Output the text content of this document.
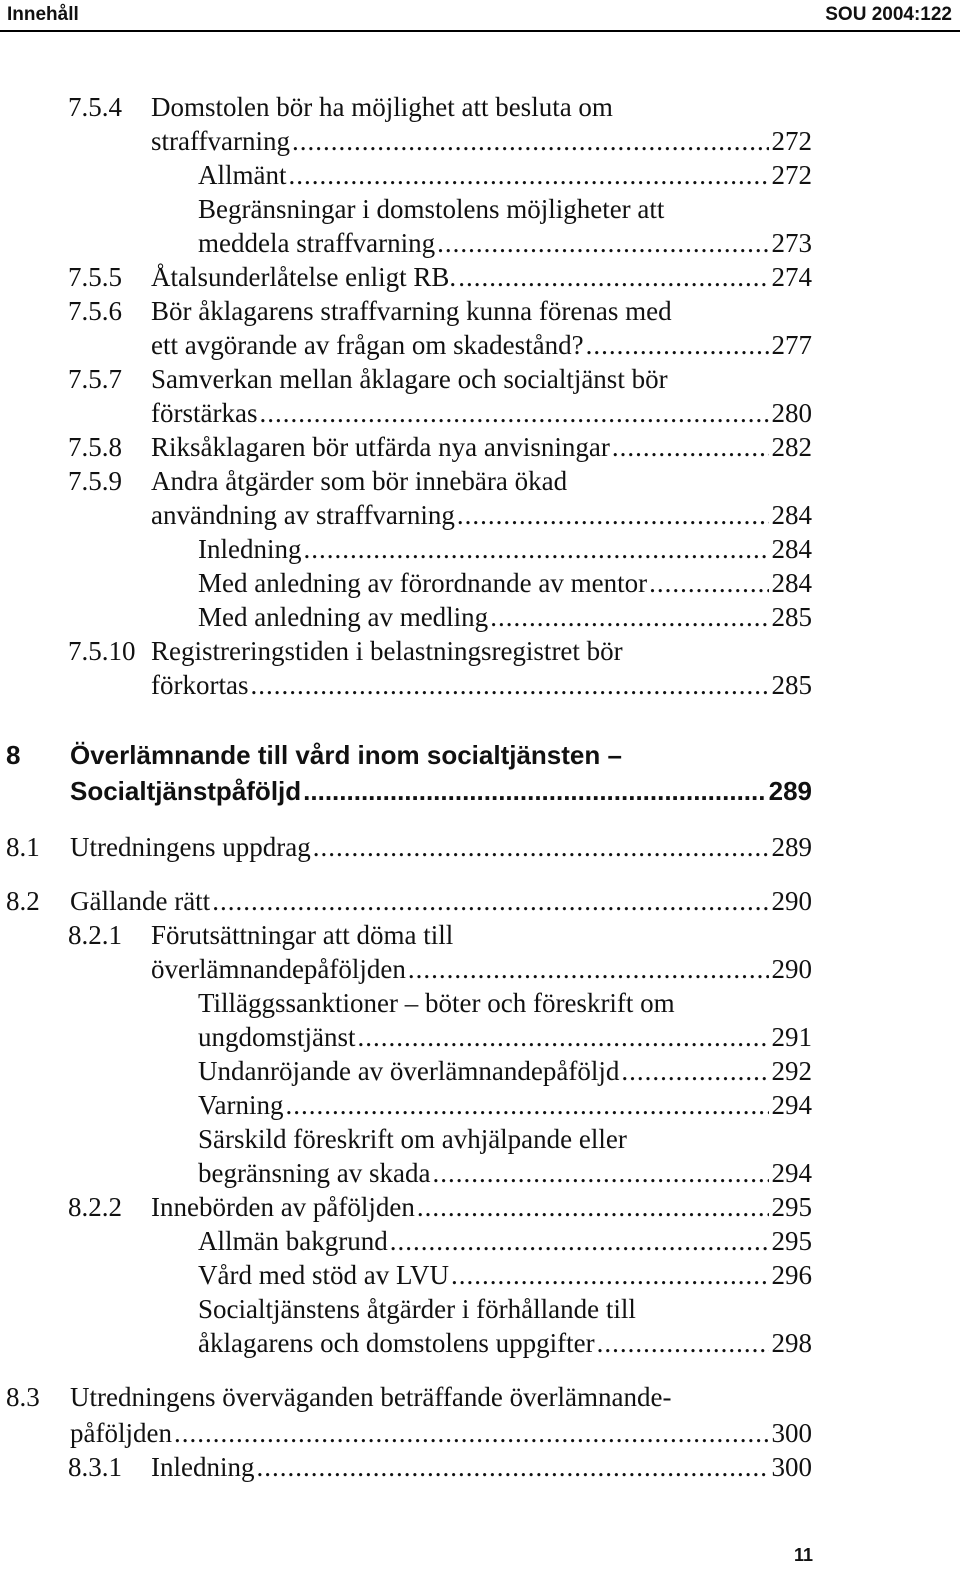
Innehåll	SOU 2004:122
7.5.4 Domstolen bör ha möjlighet att besluta om
straffvarning .....	272
Allmänt .....	272
Begränsningar i domstolens möjligheter att
meddela straffvarning .....	273
7.5.5 Åtalsunderlåtelse enligt RB. .....	274
7.5.6 Bör åklagarens straffvarning kunna förenas med
ett avgörande av frågan om skadestånd? .....	277
7.5.7 Samverkan mellan åklagare och socialtjänst bör
förstärkas .....	280
7.5.8 Riksåklagaren bör utfärda nya anvisningar .....	282
7.5.9 Andra åtgärder som bör innebära ökad
användning av straffvarning .....	284
Inledning .....	284
Med anledning av förordnande av mentor .....	284
Med anledning av medling .....	285
7.5.10 Registreringstiden i belastningsregistret bör
förkortas .....	285
8 Överlämnande till vård inom socialtjänsten –
Socialtjänstpåföljd .....	289
8.1 Utredningens uppdrag .....	289
8.2 Gällande rätt .....	290
8.2.1 Förutsättningar att döma till
överlämnandepåföljden .....	290
Tilläggssanktioner – böter och föreskrift om
ungdomstjänst .....	291
Undanröjande av överlämnandepåföljd .....	292
Varning .....	294
Särskild föreskrift om avhjälpande eller
begränsning av skada .....	294
8.2.2 Innebörden av påföljden .....	295
Allmän bakgrund .....	295
Vård med stöd av LVU .....	296
Socialtjänstens åtgärder i förhållande till
åklagarens och domstolens uppgifter .....	298
8.3 Utredningens överväganden beträffande överlämnande-
påföljden .....	300
8.3.1 Inledning .....	300
11
